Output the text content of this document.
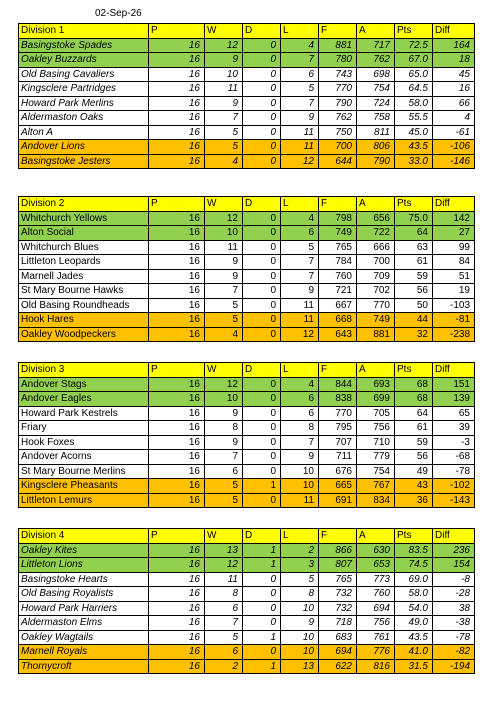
02-Sep-26
Division 1	P	W	D	L	F	A	Pts	Diff
Basingstoke Spades	16	12	0	4	881	717	72.5	164
Oakley Buzzards	16	9	0	7	780	762	67.0	18
Old Basing Cavaliers	16	10	0	6	743	698	65.0	45
Kingsclere Partridges	16	11	0	5	770	754	64.5	16
Howard Park Merlins	16	9	0	7	790	724	58.0	66
Aldermaston Oaks	16	7	0	9	762	758	55.5	4
Alton A	16	5	0	11	750	811	45.0	-61
Andover Lions	16	5	0	11	700	806	43.5	-106
Basingstoke Jesters	16	4	0	12	644	790	33.0	-146
Division 2	P	W	D	L	F	A	Pts	Diff
Whitchurch Yellows	16	12	0	4	798	656	75.0	142
Alton Social	16	10	0	6	749	722	64	27
Whitchurch Blues	16	11	0	5	765	666	63	99
Littleton Leopards	16	9	0	7	784	700	61	84
Marnell Jades	16	9	0	7	760	709	59	51
St Mary Bourne Hawks	16	7	0	9	721	702	56	19
Old Basing Roundheads	16	5	0	11	667	770	50	-103
Hook Hares	16	5	0	11	668	749	44	-81
Oakley Woodpeckers	16	4	0	12	643	881	32	-238
Division 3	P	W	D	L	F	A	Pts	Diff
Andover Stags	16	12	0	4	844	693	68	151
Andover Eagles	16	10	0	6	838	699	68	139
Howard Park Kestrels	16	9	0	6	770	705	64	65
Friary	16	8	0	8	795	756	61	39
Hook Foxes	16	9	0	7	707	710	59	-3
Andover Acorns	16	7	0	9	711	779	56	-68
St Mary Bourne Merlins	16	6	0	10	676	754	49	-78
Kingsclere Pheasants	16	5	1	10	665	767	43	-102
Littleton Lemurs	16	5	0	11	691	834	36	-143
Division 4	P	W	D	L	F	A	Pts	Diff
Oakley Kites	16	13	1	2	866	630	83.5	236
Littleton Lions	16	12	1	3	807	653	74.5	154
Basingstoke Hearts	16	11	0	5	765	773	69.0	-8
Old Basing Royalists	16	8	0	8	732	760	58.0	-28
Howard Park Harriers	16	6	0	10	732	694	54.0	38
Aldermaston Elms	16	7	0	9	718	756	49.0	-38
Oakley Wagtails	16	5	1	10	683	761	43.5	-78
Marnell Royals	16	6	0	10	694	776	41.0	-82
Thornycroft	16	2	1	13	622	816	31.5	-194
